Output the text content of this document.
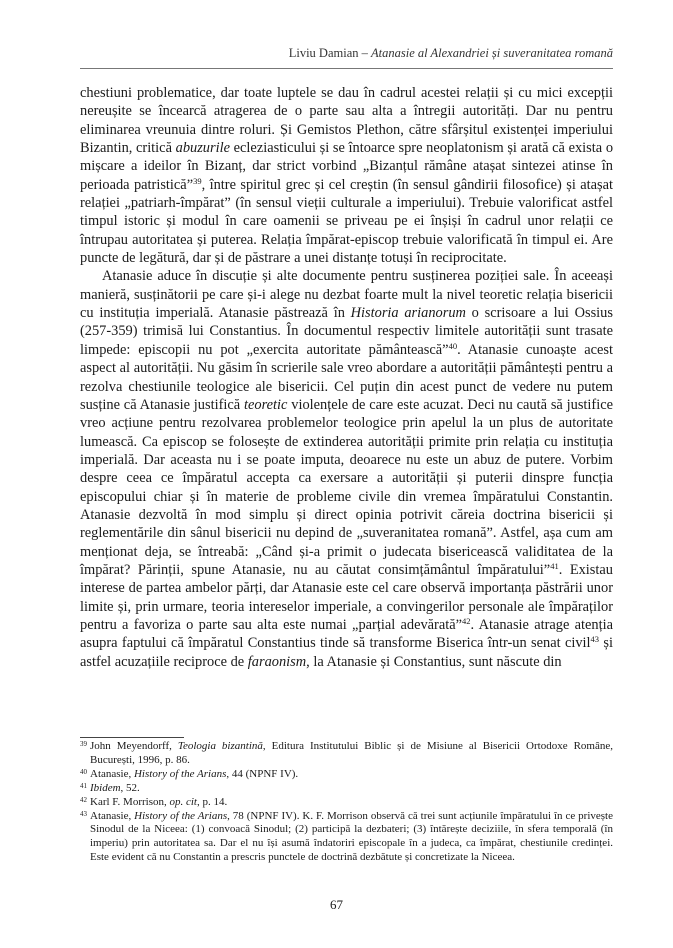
Liviu Damian – Atanasie al Alexandriei și suveranitatea romană

chestiuni problematice, dar toate luptele se dau în cadrul acestei relații și cu mici excepții nereușite se încearcă atragerea de o parte sau alta a întregii autorități. Dar nu pentru eliminarea vreunuia dintre roluri. Și Gemistos Plethon, către sfârșitul existenței imperiului Bizantin, critică abuzurile ecleziasticului și se întoarce spre neoplatonism și arată că exista o mișcare a ideilor în Bizanț, dar strict vorbind „Bizanțul rămâne atașat sintezei atinse în perioada patristică”$^{39}$, între spiritul grec și cel creștin (în sensul gândirii filosofice) și atașat relației „patriarh-împărat” (în sensul vieții culturale a imperiului). Trebuie valorificat astfel timpul istoric și modul în care oamenii se priveau pe ei înșiși în cadrul unor relații ce întrupau autoritatea și puterea. Relația împărat-episcop trebuie valorificată în timpul ei. Are puncte de legătură, dar și de păstrare a unei distanțe totuși în reciprocitate.

Atanasie aduce în discuție și alte documente pentru susținerea poziției sale. În aceeași manieră, susținătorii pe care și-i alege nu dezbat foarte mult la nivel teoretic relația bisericii cu instituția imperială. Atanasie păstrează în Historia arianorum o scrisoare a lui Ossius (257-359) trimisă lui Constantius. În documentul respectiv limitele autorității sunt trasate limpede: episcopii nu pot „exercita autoritate pământească”$^{40}$. Atanasie cunoaște acest aspect al autorității. Nu găsim în scrierile sale vreo abordare a autorității pământești pentru a rezolva chestiunile teologice ale bisericii. Cel puțin din acest punct de vedere nu putem susține că Atanasie justifică teoretic violențele de care este acuzat. Deci nu caută să justifice vreo acțiune pentru rezolvarea problemelor teologice prin apelul la un plus de autoritate lumească. Ca episcop se folosește de extinderea autorității primite prin relația cu instituția imperială. Dar aceasta nu i se poate imputa, deoarece nu este un abuz de putere. Vorbim despre ceea ce împăratul accepta ca exersare a autorității și puterii dinspre funcția episcopului chiar și în materie de probleme civile din vremea împăratului Constantin. Atanasie dezvoltă în mod simplu și direct opinia potrivit căreia doctrina bisericii și reglementările din sânul bisericii nu depind de „suveranitatea romană”. Astfel, așa cum am menționat deja, se întreabă: „Când și-a primit o judecata bisericească validitatea de la împărat? Părinții, spune Atanasie, nu au căutat consimțământul împăratului”$^{41}$. Existau interese de partea ambelor părți, dar Atanasie este cel care observă importanța păstrării unor limite și, prin urmare, teoria intereselor imperiale, a convingerilor personale ale împăraților pentru a favoriza o parte sau alta este numai „parțial adevărată”$^{42}$. Atanasie atrage atenția asupra faptului că împăratul Constantius tinde să transforme Biserica într-un senat civil$^{43}$ și astfel acuzațiile reciproce de faraonism, la Atanasie și Constantius, sunt născute din

39 John Meyendorff, Teologia bizantină, Editura Institutului Biblic și de Misiune al Bisericii Ortodoxe Române, București, 1996, p. 86.
40 Atanasie, History of the Arians, 44 (NPNF IV).
41 Ibidem, 52.
42 Karl F. Morrison, op. cit, p. 14.
43 Atanasie, History of the Arians, 78 (NPNF IV). K. F. Morrison observă că trei sunt acțiunile împăratului în ce privește Sinodul de la Niceea: (1) convoacă Sinodul; (2) participă la dezbateri; (3) întărește deciziile, în sfera temporală (în imperiu) prin autoritatea sa. Dar el nu își asumă îndatoriri episcopale în a judeca, ca împărat, chestiunile credinței. Este evident că nu Constantin a prescris punctele de doctrină dezbătute și concretizate la Niceea.
67
